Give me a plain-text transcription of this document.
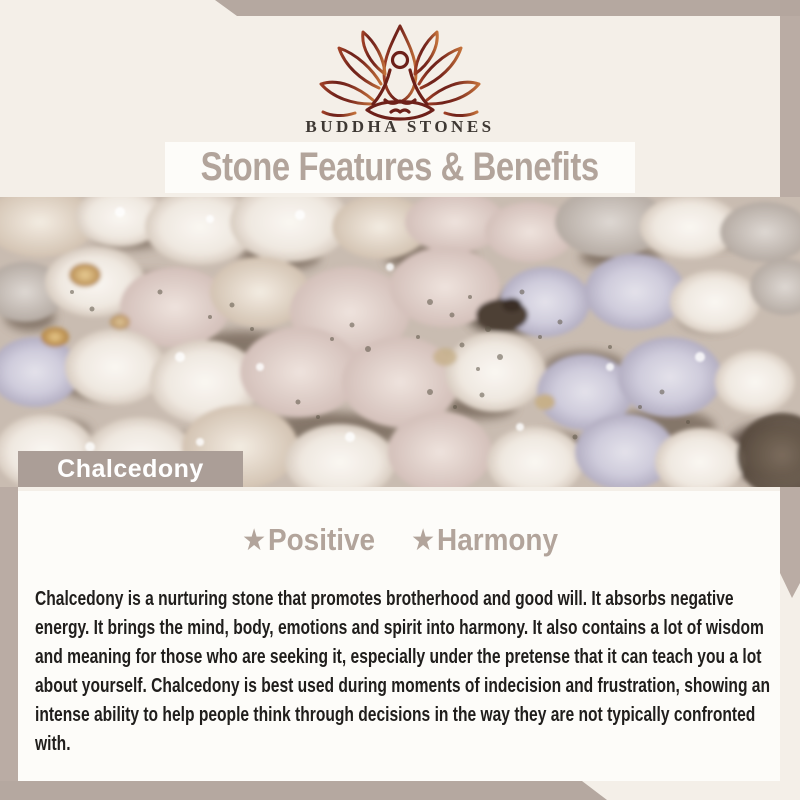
BUDDHA STONES
Stone Features & Benefits
Chalcedony
★ Positive ★ Harmony

Chalcedony is a nurturing stone that promotes brotherhood and good will. It absorbs negative energy. It brings the mind, body, emotions and spirit into harmony. It also contains a lot of wisdom and meaning for those who are seeking it, especially under the pretense that it can teach you a lot about yourself. Chalcedony is best used during moments of indecision and frustration, showing an intense ability to help people think through decisions in the way they are not typically confronted with.
